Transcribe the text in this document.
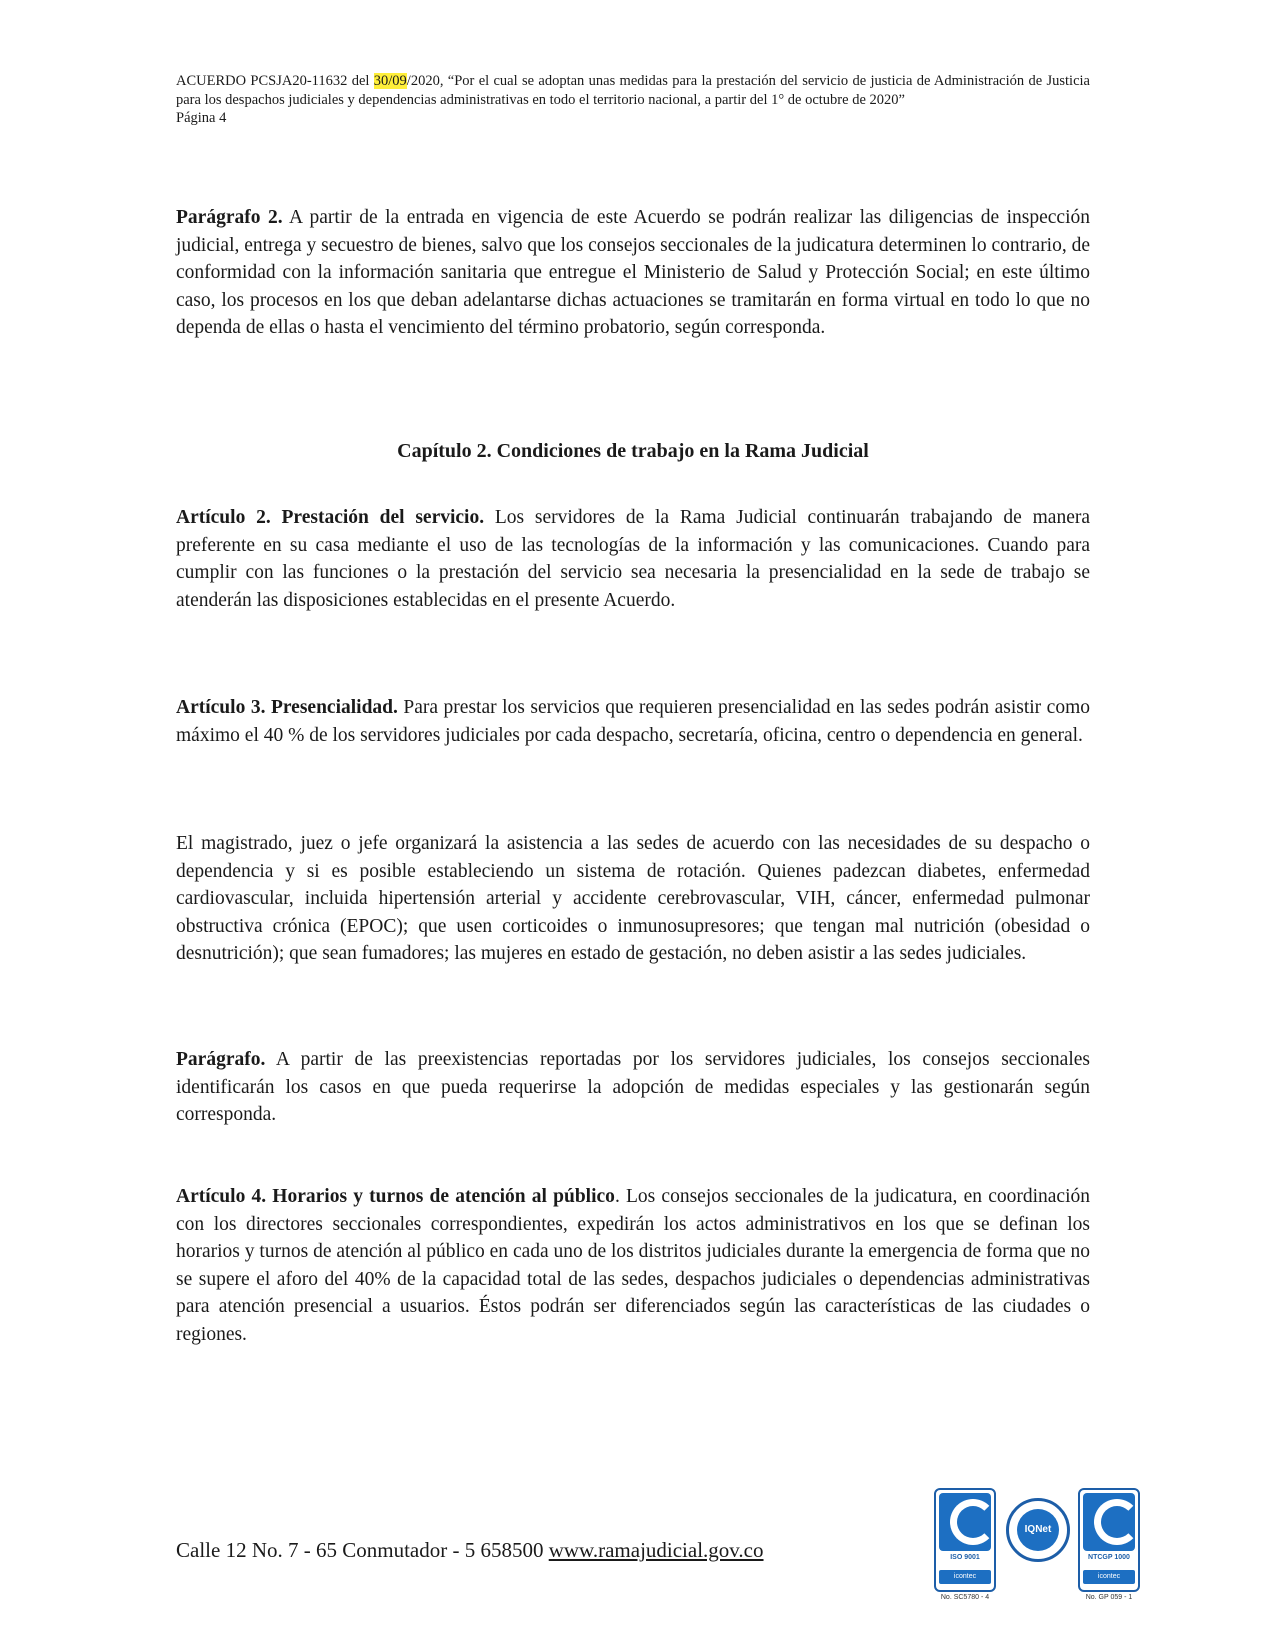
ACUERDO PCSJA20-11632 del 30/09/2020, “Por el cual se adoptan unas medidas para la prestación del servicio de justicia de Administración de Justicia para los despachos judiciales y dependencias administrativas en todo el territorio nacional, a partir del 1° de octubre de 2020”

Página 4

Parágrafo 2. A partir de la entrada en vigencia de este Acuerdo se podrán realizar las diligencias de inspección judicial, entrega y secuestro de bienes, salvo que los consejos seccionales de la judicatura determinen lo contrario, de conformidad con la información sanitaria que entregue el Ministerio de Salud y Protección Social; en este último caso, los procesos en los que deban adelantarse dichas actuaciones se tramitarán en forma virtual en todo lo que no dependa de ellas o hasta el vencimiento del término probatorio, según corresponda.

Capítulo 2. Condiciones de trabajo en la Rama Judicial

Artículo 2. Prestación del servicio. Los servidores de la Rama Judicial continuarán trabajando de manera preferente en su casa mediante el uso de las tecnologías de la información y las comunicaciones. Cuando para cumplir con las funciones o la prestación del servicio sea necesaria la presencialidad en la sede de trabajo se atenderán las disposiciones establecidas en el presente Acuerdo.

Artículo 3. Presencialidad. Para prestar los servicios que requieren presencialidad en las sedes podrán asistir como máximo el 40 % de los servidores judiciales por cada despacho, secretaría, oficina, centro o dependencia en general.

El magistrado, juez o jefe organizará la asistencia a las sedes de acuerdo con las necesidades de su despacho o dependencia y si es posible estableciendo un sistema de rotación. Quienes padezcan diabetes, enfermedad cardiovascular, incluida hipertensión arterial y accidente cerebrovascular, VIH, cáncer, enfermedad pulmonar obstructiva crónica (EPOC); que usen corticoides o inmunosupresores; que tengan mal nutrición (obesidad o desnutrición); que sean fumadores; las mujeres en estado de gestación, no deben asistir a las sedes judiciales.

Parágrafo. A partir de las preexistencias reportadas por los servidores judiciales, los consejos seccionales identificarán los casos en que pueda requerirse la adopción de medidas especiales y las gestionarán según corresponda.

Artículo 4. Horarios y turnos de atención al público. Los consejos seccionales de la judicatura, en coordinación con los directores seccionales correspondientes, expedirán los actos administrativos en los que se definan los horarios y turnos de atención al público en cada uno de los distritos judiciales durante la emergencia de forma que no se supere el aforo del 40% de la capacidad total de las sedes, despachos judiciales o dependencias administrativas para atención presencial a usuarios. Éstos podrán ser diferenciados según las características de las ciudades o regiones.

Calle 12 No. 7 - 65 Conmutador - 5 658500 www.ramajudicial.gov.co	ISO 9001
icontec
No. SC5780 - 4
IQNet
NTCGP 1000
icontec
No. GP 059 - 1
